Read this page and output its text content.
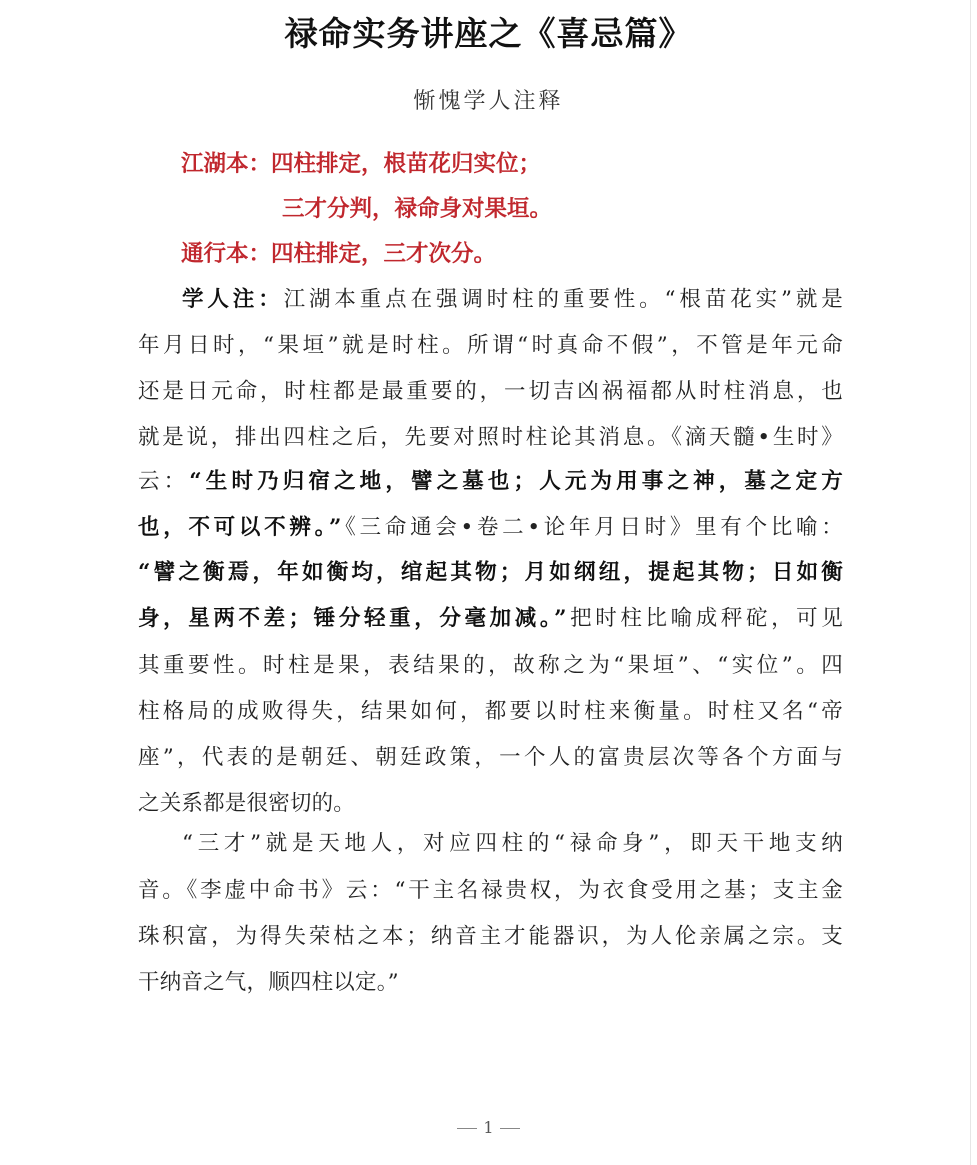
禄命实务讲座之《喜忌篇》
惭愧学人注释
江湖本：四柱排定，根苗花归实位；
三才分判，禄命身对果垣。
通行本：四柱排定，三才次分。
学人注：江湖本重点在强调时柱的重要性。“根苗花实”就是
年月日时，“果垣”就是时柱。所谓“时真命不假”，不管是年元命
还是日元命，时柱都是最重要的，一切吉凶祸福都从时柱消息，也
就是说，排出四柱之后，先要对照时柱论其消息。《滴天髓•生时》
云：“生时乃归宿之地，譬之墓也；人元为用事之神，墓之定方
也，不可以不辨。”《三命通会•卷二•论年月日时》里有个比喻：
“譬之衡焉，年如衡均，绾起其物；月如纲纽，提起其物；日如衡
身，星两不差；锤分轻重，分毫加减。”把时柱比喻成秤砣，可见
其重要性。时柱是果，表结果的，故称之为“果垣”、“实位”。四
柱格局的成败得失，结果如何，都要以时柱来衡量。时柱又名“帝
座”，代表的是朝廷、朝廷政策，一个人的富贵层次等各个方面与
之关系都是很密切的。
“三才”就是天地人，对应四柱的“禄命身”，即天干地支纳
音。《李虚中命书》云：“干主名禄贵权，为衣食受用之基；支主金
珠积富，为得失荣枯之本；纳音主才能器识，为人伦亲属之宗。支
干纳音之气，顺四柱以定。”
1
